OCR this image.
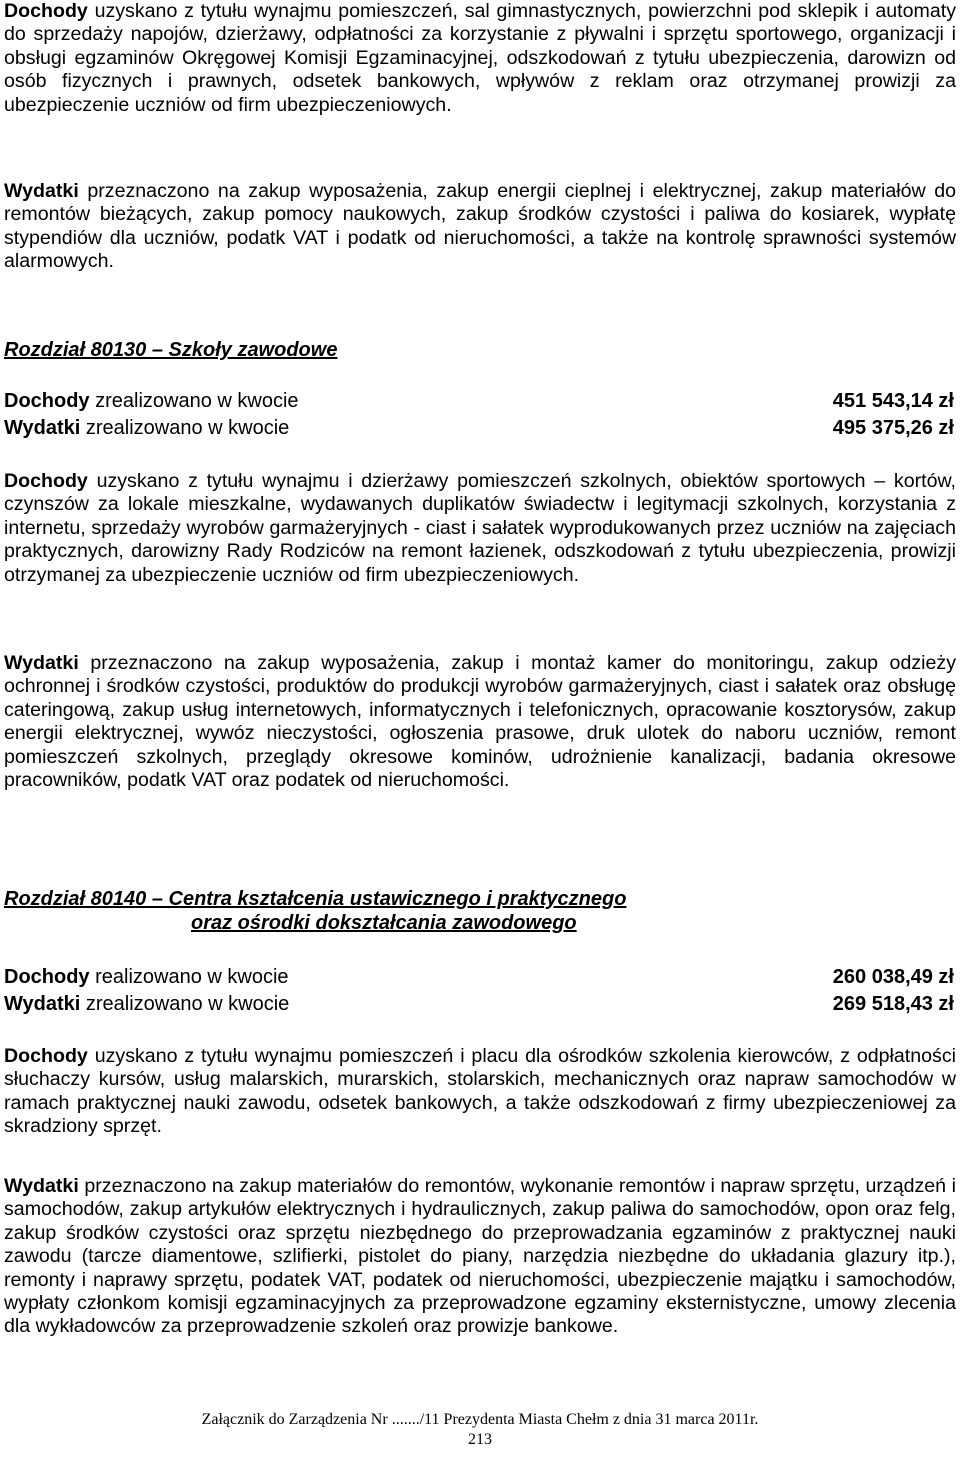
Dochody uzyskano z tytułu wynajmu pomieszczeń, sal gimnastycznych, powierzchni pod sklepik i automaty do sprzedaży napojów, dzierżawy, odpłatności za korzystanie z pływalni i sprzętu sportowego, organizacji i obsługi egzaminów Okręgowej Komisji Egzaminacyjnej, odszkodowań z tytułu ubezpieczenia, darowizn od osób fizycznych i prawnych, odsetek bankowych, wpływów z reklam oraz otrzymanej prowizji za ubezpieczenie uczniów od firm ubezpieczeniowych.

Wydatki przeznaczono na zakup wyposażenia, zakup energii cieplnej i elektrycznej, zakup materiałów do remontów bieżących, zakup pomocy naukowych, zakup środków czystości i paliwa do kosiarek, wypłatę stypendiów dla uczniów, podatk VAT i podatk od nieruchomości, a także na kontrolę sprawności systemów alarmowych.

Rozdział 80130 – Szkoły zawodowe

Dochody zrealizowano w kwocie	451 543,14 zł
Wydatki zrealizowano w kwocie	495 375,26 zł

Dochody uzyskano z tytułu wynajmu i dzierżawy pomieszczeń szkolnych, obiektów sportowych – kortów, czynszów za lokale mieszkalne, wydawanych duplikatów świadectw i legitymacji szkolnych, korzystania z internetu, sprzedaży wyrobów garmażeryjnych - ciast i sałatek wyprodukowanych przez uczniów na zajęciach praktycznych, darowizny Rady Rodziców na remont łazienek, odszkodowań z tytułu ubezpieczenia, prowizji otrzymanej za ubezpieczenie uczniów od firm ubezpieczeniowych.

Wydatki przeznaczono na zakup wyposażenia, zakup i montaż kamer do monitoringu, zakup odzieży ochronnej i środków czystości, produktów do produkcji wyrobów garmażeryjnych, ciast i sałatek oraz obsługę cateringową, zakup usług internetowych, informatycznych i telefonicznych, opracowanie kosztorysów, zakup energii elektrycznej, wywóz nieczystości, ogłoszenia prasowe, druk ulotek do naboru uczniów, remont pomieszczeń szkolnych, przeglądy okresowe kominów, udrożnienie kanalizacji, badania okresowe pracowników, podatk VAT oraz podatek od nieruchomości.

Rozdział 80140 – Centra kształcenia ustawicznego i praktycznego

oraz ośrodki dokształcania zawodowego

Dochody realizowano w kwocie	260 038,49 zł
Wydatki zrealizowano w kwocie	269 518,43 zł

Dochody uzyskano z tytułu wynajmu pomieszczeń i placu dla ośrodków szkolenia kierowców, z odpłatności słuchaczy kursów, usług malarskich, murarskich, stolarskich, mechanicznych oraz napraw samochodów w ramach praktycznej nauki zawodu, odsetek bankowych, a także odszkodowań z firmy ubezpieczeniowej za skradziony sprzęt.

Wydatki przeznaczono na zakup materiałów do remontów, wykonanie remontów i napraw sprzętu, urządzeń i samochodów, zakup artykułów elektrycznych i hydraulicznych, zakup paliwa do samochodów, opon oraz felg, zakup środków czystości oraz sprzętu niezbędnego do przeprowadzania egzaminów z praktycznej nauki zawodu (tarcze diamentowe, szlifierki, pistolet do piany, narzędzia niezbędne do układania glazury itp.), remonty i naprawy sprzętu, podatek VAT, podatek od nieruchomości, ubezpieczenie majątku i samochodów, wypłaty członkom komisji egzaminacyjnych za przeprowadzone egzaminy eksternistyczne, umowy zlecenia dla wykładowców za przeprowadzenie szkoleń oraz prowizje bankowe.

Załącznik do Zarządzenia Nr ......./11 Prezydenta Miasta Chełm z dnia 31 marca 2011r.
213
